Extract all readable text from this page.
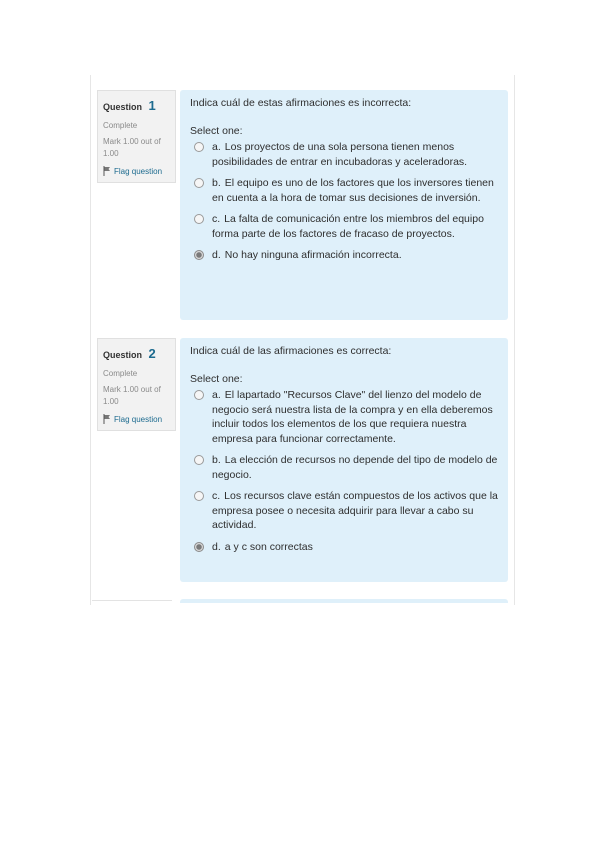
Question 1
Complete
Mark 1.00 out of 1.00
Flag question
Indica cuál de estas afirmaciones es incorrecta:
Select one:
a. Los proyectos de una sola persona tienen menos posibilidades de entrar en incubadoras y aceleradoras.
b. El equipo es uno de los factores que los inversores tienen en cuenta a la hora de tomar sus decisiones de inversión.
c. La falta de comunicación entre los miembros del equipo forma parte de los factores de fracaso de proyectos.
d. No hay ninguna afirmación incorrecta.
Question 2
Complete
Mark 1.00 out of 1.00
Flag question
Indica cuál de las afirmaciones es correcta:
Select one:
a. El lapartado "Recursos Clave" del lienzo del modelo de negocio será nuestra lista de la compra y en ella deberemos incluir todos los elementos de los que requiera nuestra empresa para funcionar correctamente.
b. La elección de recursos no depende del tipo de modelo de negocio.
c. Los recursos clave están compuestos de los activos que la empresa posee o necesita adquirir para llevar a cabo su actividad.
d. a y c son correctas
